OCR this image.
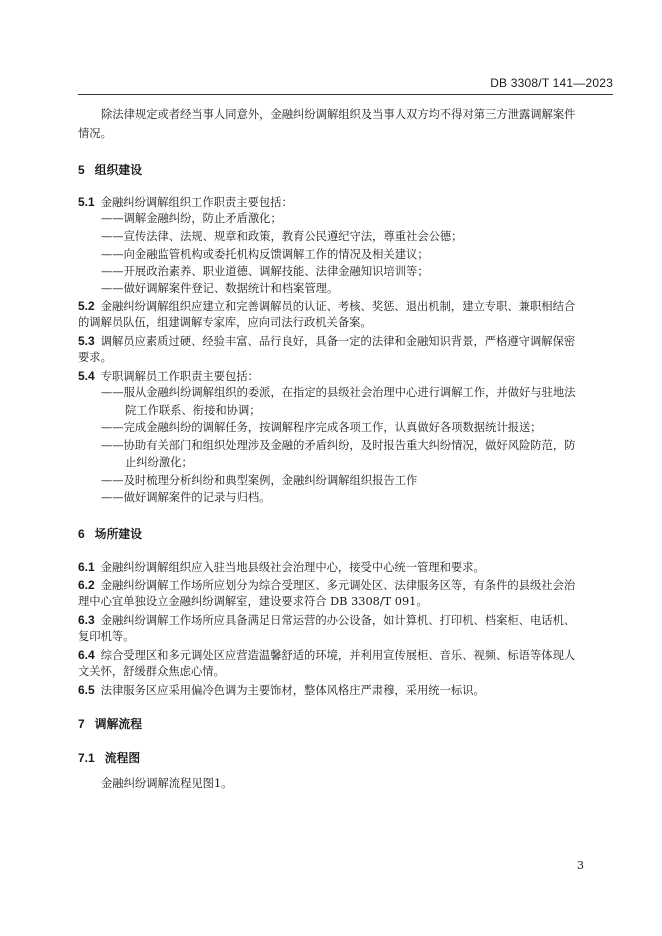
DB 3308/T 141—2023
除法律规定或者经当事人同意外，金融纠纷调解组织及当事人双方均不得对第三方泄露调解案件
情况。
5 组织建设
5.1 金融纠纷调解组织工作职责主要包括：
——调解金融纠纷，防止矛盾激化；
——宣传法律、法规、规章和政策，教育公民遵纪守法，尊重社会公德；
——向金融监管机构或委托机构反馈调解工作的情况及相关建议；
——开展政治素养、职业道德、调解技能、法律金融知识培训等；
——做好调解案件登记、数据统计和档案管理。
5.2 金融纠纷调解组织应建立和完善调解员的认证、考核、奖惩、退出机制，建立专职、兼职相结合
的调解员队伍，组建调解专家库，应向司法行政机关备案。
5.3 调解员应素质过硬、经验丰富、品行良好，具备一定的法律和金融知识背景，严格遵守调解保密
要求。
5.4 专职调解员工作职责主要包括：
——服从金融纠纷调解组织的委派，在指定的县级社会治理中心进行调解工作，并做好与驻地法
院工作联系、衔接和协调；
——完成金融纠纷的调解任务，按调解程序完成各项工作，认真做好各项数据统计报送；
——协助有关部门和组织处理涉及金融的矛盾纠纷，及时报告重大纠纷情况，做好风险防范，防
止纠纷激化；
——及时梳理分析纠纷和典型案例，金融纠纷调解组织报告工作
——做好调解案件的记录与归档。
6 场所建设
6.1 金融纠纷调解组织应入驻当地县级社会治理中心，接受中心统一管理和要求。
6.2 金融纠纷调解工作场所应划分为综合受理区、多元调处区、法律服务区等，有条件的县级社会治
理中心宜单独设立金融纠纷调解室，建设要求符合 DB 3308/T 091。
6.3 金融纠纷调解工作场所应具备满足日常运营的办公设备，如计算机、打印机、档案柜、电话机、
复印机等。
6.4 综合受理区和多元调处区应营造温馨舒适的环境，并利用宣传展柜、音乐、视频、标语等体现人
文关怀，舒缓群众焦虑心情。
6.5 法律服务区应采用偏冷色调为主要饰材，整体风格庄严肃穆，采用统一标识。
7 调解流程
7.1 流程图
金融纠纷调解流程见图1。
3
